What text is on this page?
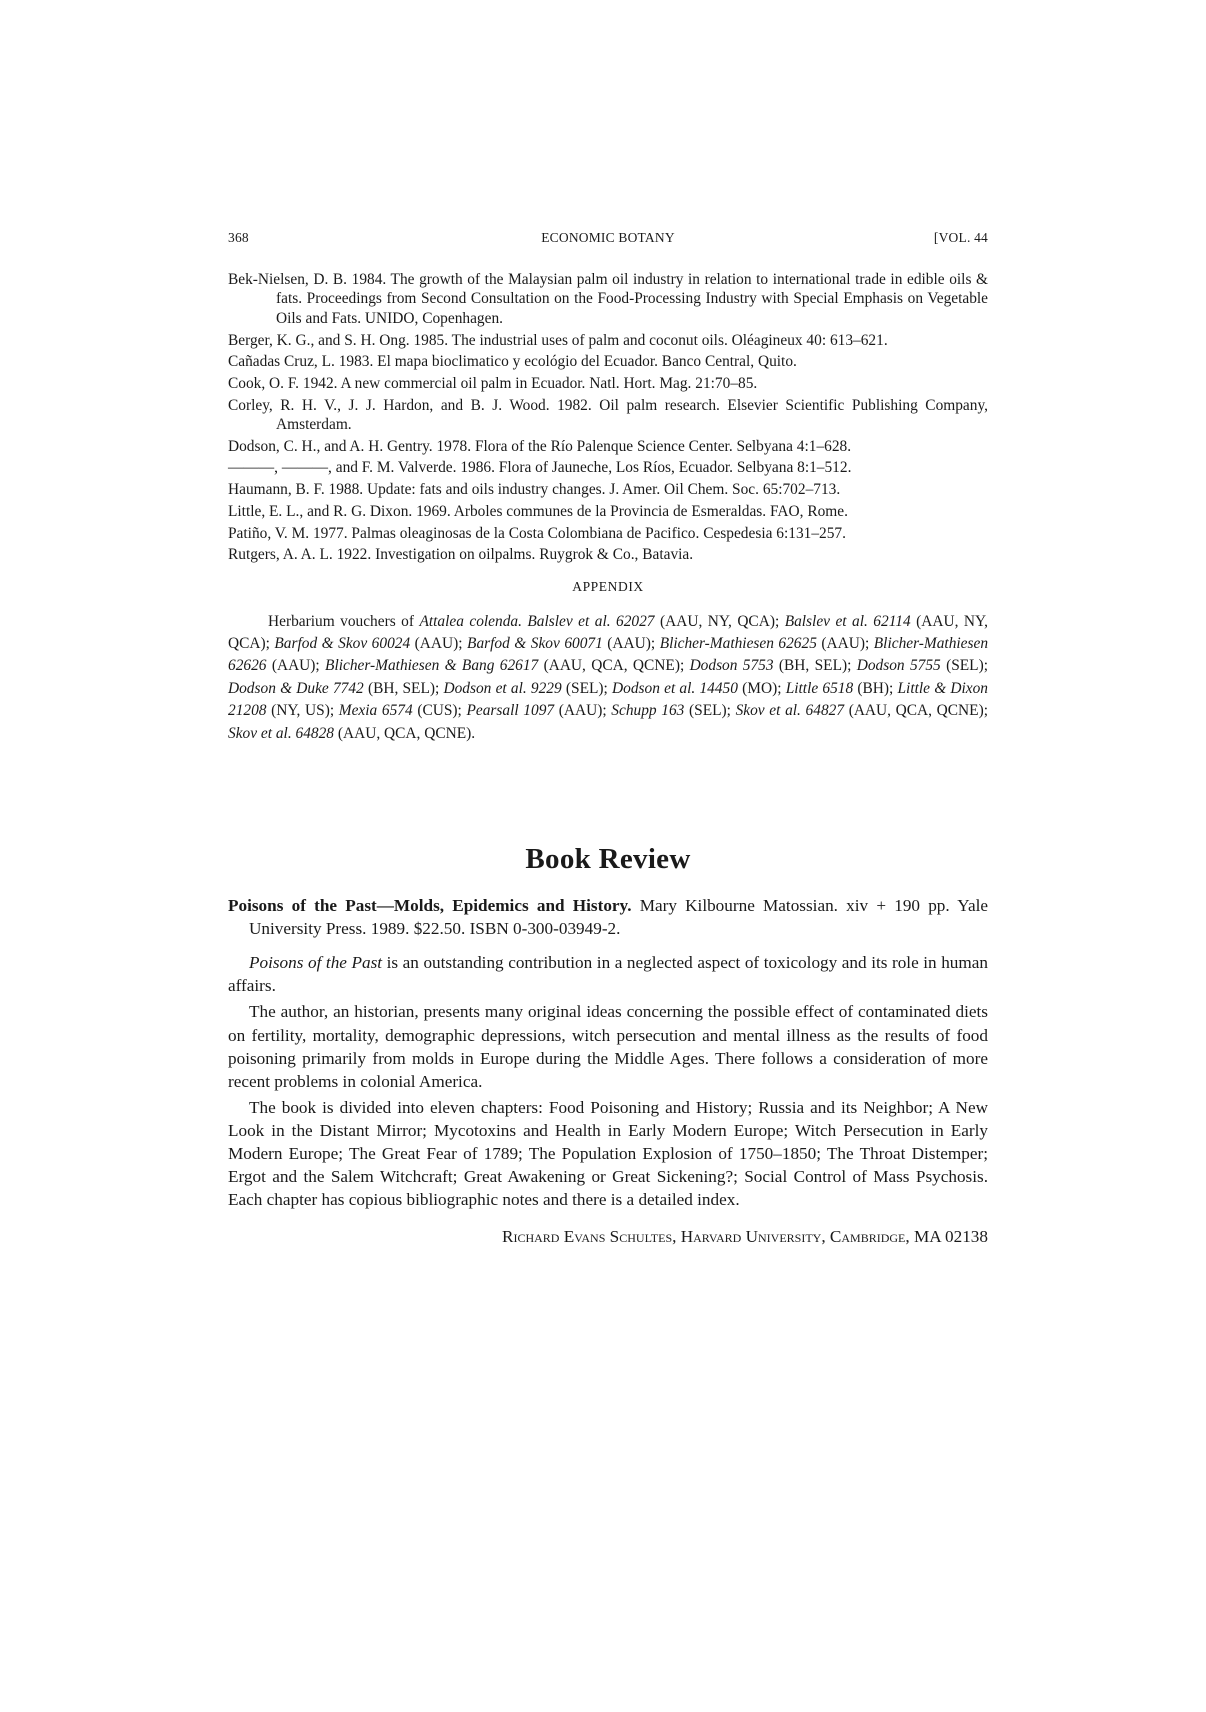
368	ECONOMIC BOTANY	[VOL. 44

Bek-Nielsen, D. B. 1984. The growth of the Malaysian palm oil industry in relation to international trade in edible oils & fats. Proceedings from Second Consultation on the Food-Processing Industry with Special Emphasis on Vegetable Oils and Fats. UNIDO, Copenhagen.

Berger, K. G., and S. H. Ong. 1985. The industrial uses of palm and coconut oils. Oléagineux 40: 613–621.

Cañadas Cruz, L. 1983. El mapa bioclimatico y ecológio del Ecuador. Banco Central, Quito.

Cook, O. F. 1942. A new commercial oil palm in Ecuador. Natl. Hort. Mag. 21:70–85.

Corley, R. H. V., J. J. Hardon, and B. J. Wood. 1982. Oil palm research. Elsevier Scientific Publishing Company, Amsterdam.

Dodson, C. H., and A. H. Gentry. 1978. Flora of the Río Palenque Science Center. Selbyana 4:1–628.

———, ———, and F. M. Valverde. 1986. Flora of Jauneche, Los Ríos, Ecuador. Selbyana 8:1–512.

Haumann, B. F. 1988. Update: fats and oils industry changes. J. Amer. Oil Chem. Soc. 65:702–713.

Little, E. L., and R. G. Dixon. 1969. Arboles communes de la Provincia de Esmeraldas. FAO, Rome.

Patiño, V. M. 1977. Palmas oleaginosas de la Costa Colombiana de Pacifico. Cespedesia 6:131–257.

Rutgers, A. A. L. 1922. Investigation on oilpalms. Ruygrok & Co., Batavia.

APPENDIX

Herbarium vouchers of Attalea colenda. Balslev et al. 62027 (AAU, NY, QCA); Balslev et al. 62114 (AAU, NY, QCA); Barfod & Skov 60024 (AAU); Barfod & Skov 60071 (AAU); Blicher-Mathiesen 62625 (AAU); Blicher-Mathiesen 62626 (AAU); Blicher-Mathiesen & Bang 62617 (AAU, QCA, QCNE); Dodson 5753 (BH, SEL); Dodson 5755 (SEL); Dodson & Duke 7742 (BH, SEL); Dodson et al. 9229 (SEL); Dodson et al. 14450 (MO); Little 6518 (BH); Little & Dixon 21208 (NY, US); Mexia 6574 (CUS); Pearsall 1097 (AAU); Schupp 163 (SEL); Skov et al. 64827 (AAU, QCA, QCNE); Skov et al. 64828 (AAU, QCA, QCNE).

Book Review

Poisons of the Past—Molds, Epidemics and History. Mary Kilbourne Matossian. xiv + 190 pp. Yale University Press. 1989. $22.50. ISBN 0-300-03949-2.

Poisons of the Past is an outstanding contribution in a neglected aspect of toxicology and its role in human affairs.

The author, an historian, presents many original ideas concerning the possible effect of contaminated diets on fertility, mortality, demographic depressions, witch persecution and mental illness as the results of food poisoning primarily from molds in Europe during the Middle Ages. There follows a consideration of more recent problems in colonial America.

The book is divided into eleven chapters: Food Poisoning and History; Russia and its Neighbor; A New Look in the Distant Mirror; Mycotoxins and Health in Early Modern Europe; Witch Persecution in Early Modern Europe; The Great Fear of 1789; The Population Explosion of 1750–1850; The Throat Distemper; Ergot and the Salem Witchcraft; Great Awakening or Great Sickening?; Social Control of Mass Psychosis. Each chapter has copious bibliographic notes and there is a detailed index.

Richard Evans Schultes, Harvard University, Cambridge, MA 02138
